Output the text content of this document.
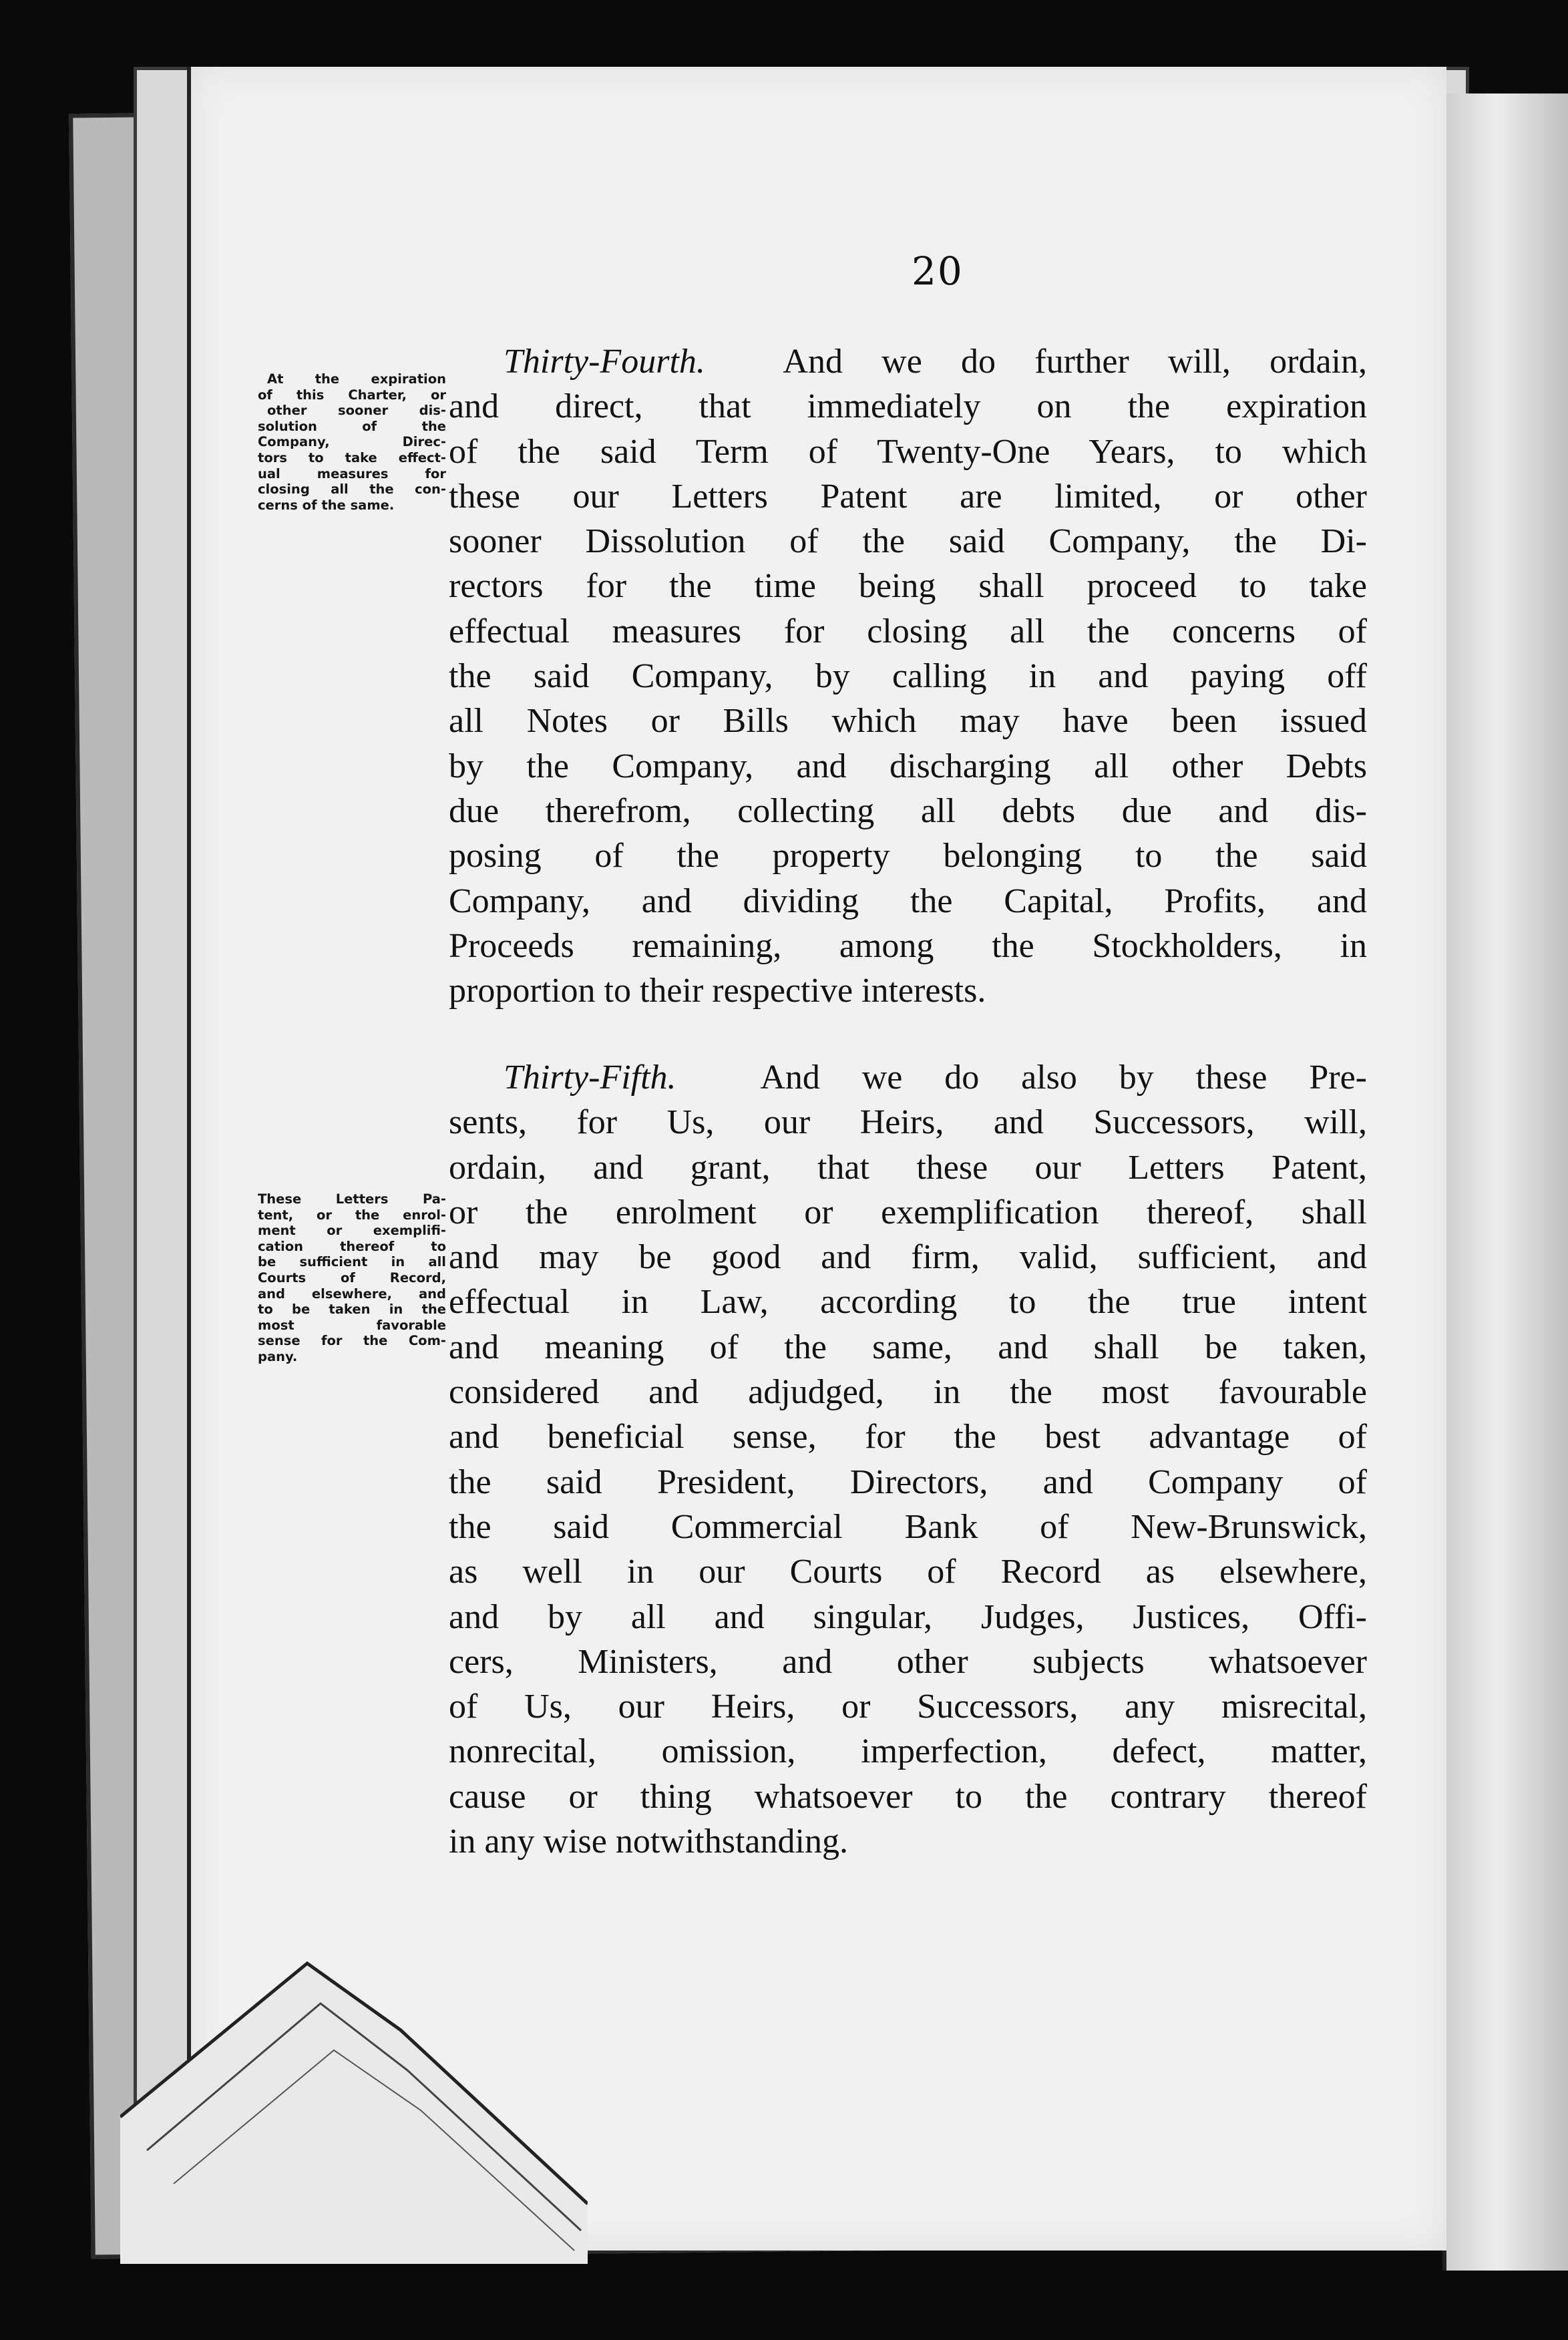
20
At the expiration
of this Charter, or
other sooner dis-
solution of the
Company, Direc-
tors to take effect-
ual measures for
closing all the con-
cerns of the same.
Thirty-Fourth. And we do further will, ordain,
and direct, that immediately on the expiration
of the said Term of Twenty-One Years, to which
these our Letters Patent are limited, or other
sooner Dissolution of the said Company, the Di-
rectors for the time being shall proceed to take
effectual measures for closing all the concerns of
the said Company, by calling in and paying off
all Notes or Bills which may have been issued
by the Company, and discharging all other Debts
due therefrom, collecting all debts due and dis-
posing of the property belonging to the said
Company, and dividing the Capital, Profits, and
Proceeds remaining, among the Stockholders, in
proportion to their respective interests.
These Letters Pa-
tent, or the enrol-
ment or exemplifi-
cation thereof to
be sufficient in all
Courts of Record,
and elsewhere, and
to be taken in the
most favorable
sense for the Com-
pany.
Thirty-Fifth. And we do also by these Pre-
sents, for Us, our Heirs, and Successors, will,
ordain, and grant, that these our Letters Patent,
or the enrolment or exemplification thereof, shall
and may be good and firm, valid, sufficient, and
effectual in Law, according to the true intent
and meaning of the same, and shall be taken,
considered and adjudged, in the most favourable
and beneficial sense, for the best advantage of
the said President, Directors, and Company of
the said Commercial Bank of New-Brunswick,
as well in our Courts of Record as elsewhere,
and by all and singular, Judges, Justices, Offi-
cers, Ministers, and other subjects whatsoever
of Us, our Heirs, or Successors, any misrecital,
nonrecital, omission, imperfection, defect, matter,
cause or thing whatsoever to the contrary thereof
in any wise notwithstanding.
